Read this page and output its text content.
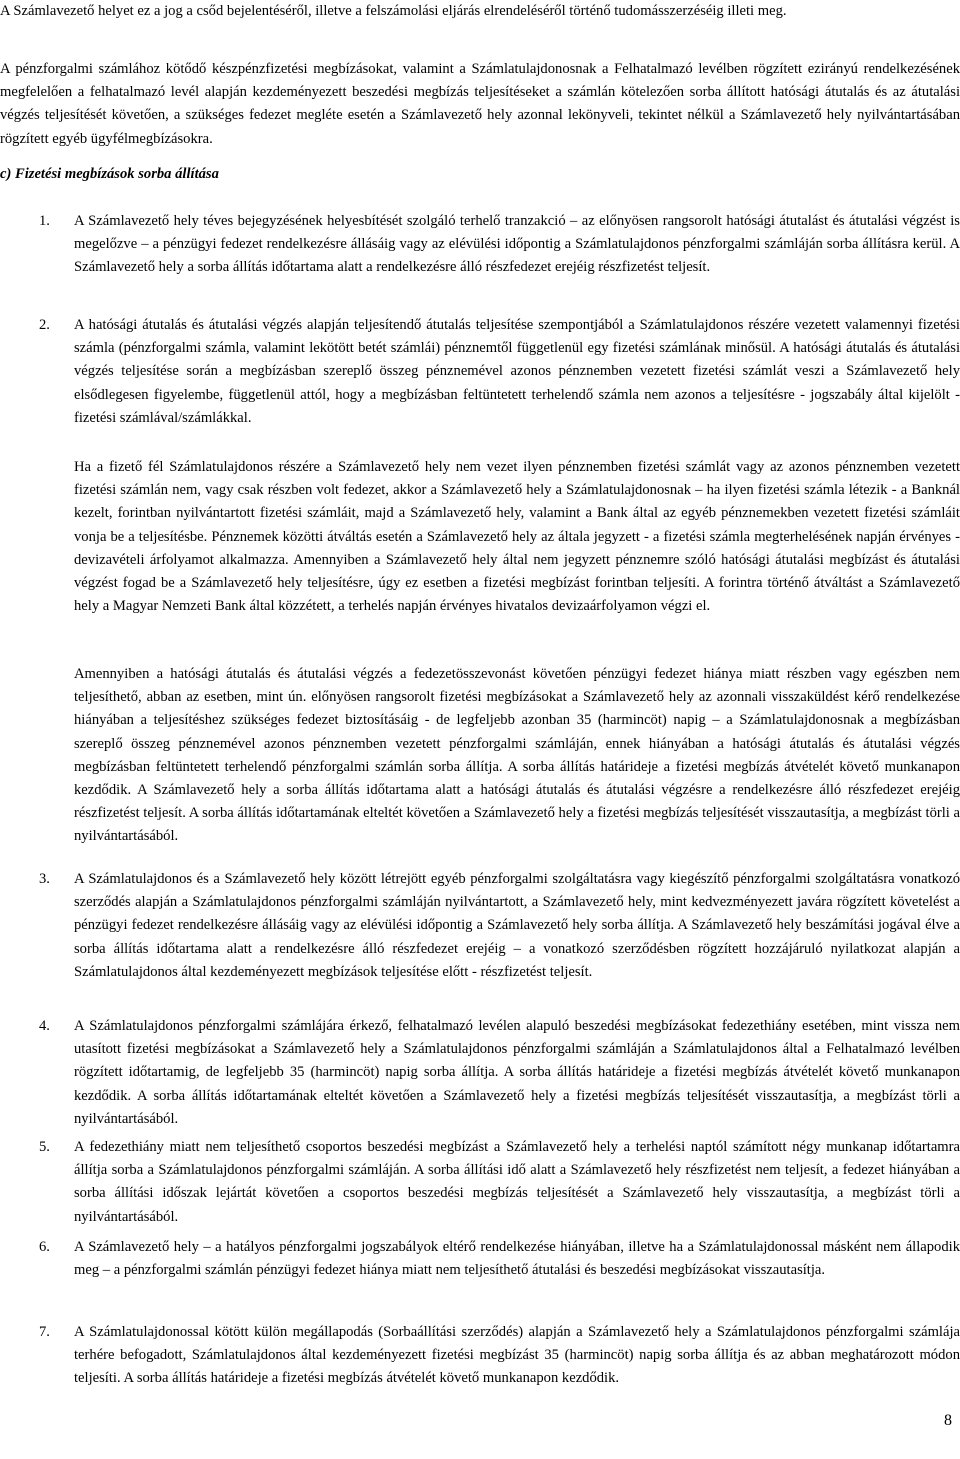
A Számlavezető helyet ez a jog a csőd bejelentéséről, illetve a felszámolási eljárás elrendeléséről történő tudomásszerzéséig illeti meg.

A pénzforgalmi számlához kötődő készpénzfizetési megbízásokat, valamint a Számlatulajdonosnak a Felhatalmazó levélben rögzített ezirányú rendelkezésének megfelelően a felhatalmazó levél alapján kezdeményezett beszedési megbízás teljesítéseket a számlán kötelezően sorba állított hatósági átutalás és az átutalási végzés teljesítését követően, a szükséges fedezet megléte esetén a Számlavezető hely azonnal lekönyveli, tekintet nélkül a Számlavezető hely nyilvántartásában rögzített egyéb ügyfélmegbízásokra.

c) Fizetési megbízások sorba állítása

1.	A Számlavezető hely téves bejegyzésének helyesbítését szolgáló terhelő tranzakció – az előnyösen rangsorolt hatósági átutalást és átutalási végzést is megelőzve – a pénzügyi fedezet rendelkezésre állásáig vagy az elévülési időpontig a Számlatulajdonos pénzforgalmi számláján sorba állításra kerül. A Számlavezető hely a sorba állítás időtartama alatt a rendelkezésre álló részfedezet erejéig részfizetést teljesít.

2.	A hatósági átutalás és átutalási végzés alapján teljesítendő átutalás teljesítése szempontjából a Számlatulajdonos részére vezetett valamennyi fizetési számla (pénzforgalmi számla, valamint lekötött betét számlái) pénznemtől függetlenül egy fizetési számlának minősül. A hatósági átutalás és átutalási végzés teljesítése során a megbízásban szereplő összeg pénznemével azonos pénznemben vezetett fizetési számlát veszi a Számlavezető hely elsődlegesen figyelembe, függetlenül attól, hogy a megbízásban feltüntetett terhelendő számla nem azonos a teljesítésre - jogszabály által kijelölt - fizetési számlával/számlákkal.

Ha a fizető fél Számlatulajdonos részére a Számlavezető hely nem vezet ilyen pénznemben fizetési számlát vagy az azonos pénznemben vezetett fizetési számlán nem, vagy csak részben volt fedezet, akkor a Számlavezető hely a Számlatulajdonosnak – ha ilyen fizetési számla létezik - a Banknál kezelt, forintban nyilvántartott fizetési számláit, majd a Számlavezető hely, valamint a Bank által az egyéb pénznemekben vezetett fizetési számláit vonja be a teljesítésbe. Pénznemek közötti átváltás esetén a Számlavezető hely az általa jegyzett - a fizetési számla megterhelésének napján érvényes - devizavételi árfolyamot alkalmazza. Amennyiben a Számlavezető hely által nem jegyzett pénznemre szóló hatósági átutalási megbízást és átutalási végzést fogad be a Számlavezető hely teljesítésre, úgy ez esetben a fizetési megbízást forintban teljesíti. A forintra történő átváltást a Számlavezető hely a Magyar Nemzeti Bank által közzétett, a terhelés napján érvényes hivatalos devizaárfolyamon végzi el.

Amennyiben a hatósági átutalás és átutalási végzés a fedezetösszevonást követően pénzügyi fedezet hiánya miatt részben vagy egészben nem teljesíthető, abban az esetben, mint ún. előnyösen rangsorolt fizetési megbízásokat a Számlavezető hely az azonnali visszaküldést kérő rendelkezése hiányában a teljesítéshez szükséges fedezet biztosításáig - de legfeljebb azonban 35 (harmincöt) napig – a Számlatulajdonosnak a megbízásban szereplő összeg pénznemével azonos pénznemben vezetett pénzforgalmi számláján, ennek hiányában a hatósági átutalás és átutalási végzés megbízásban feltüntetett terhelendő pénzforgalmi számlán sorba állítja. A sorba állítás határideje a fizetési megbízás átvételét követő munkanapon kezdődik. A Számlavezető hely a sorba állítás időtartama alatt a hatósági átutalás és átutalási végzésre a rendelkezésre álló részfedezet erejéig részfizetést teljesít. A sorba állítás időtartamának elteltét követően a Számlavezető hely a fizetési megbízás teljesítését visszautasítja, a megbízást törli a nyilvántartásából.

3.	A Számlatulajdonos és a Számlavezető hely között létrejött egyéb pénzforgalmi szolgáltatásra vagy kiegészítő pénzforgalmi szolgáltatásra vonatkozó szerződés alapján a Számlatulajdonos pénzforgalmi számláján nyilvántartott, a Számlavezető hely, mint kedvezményezett javára rögzített követelést a pénzügyi fedezet rendelkezésre állásáig vagy az elévülési időpontig a Számlavezető hely sorba állítja. A Számlavezető hely beszámítási jogával élve a sorba állítás időtartama alatt a rendelkezésre álló részfedezet erejéig – a vonatkozó szerződésben rögzített hozzájáruló nyilatkozat alapján a Számlatulajdonos által kezdeményezett megbízások teljesítése előtt - részfizetést teljesít.

4.	A Számlatulajdonos pénzforgalmi számlájára érkező, felhatalmazó levélen alapuló beszedési megbízásokat fedezethiány esetében, mint vissza nem utasított fizetési megbízásokat a Számlavezető hely a Számlatulajdonos pénzforgalmi számláján a Számlatulajdonos által a Felhatalmazó levélben rögzített időtartamig, de legfeljebb 35 (harmincöt) napig sorba állítja. A sorba állítás határideje a fizetési megbízás átvételét követő munkanapon kezdődik. A sorba állítás időtartamának elteltét követően a Számlavezető hely a fizetési megbízás teljesítését visszautasítja, a megbízást törli a nyilvántartásából.

5.	A fedezethiány miatt nem teljesíthető csoportos beszedési megbízást a Számlavezető hely a terhelési naptól számított négy munkanap időtartamra állítja sorba a Számlatulajdonos pénzforgalmi számláján. A sorba állítási idő alatt a Számlavezető hely részfizetést nem teljesít, a fedezet hiányában a sorba állítási időszak lejártát követően a csoportos beszedési megbízás teljesítését a Számlavezető hely visszautasítja, a megbízást törli a nyilvántartásából.

6.	A Számlavezető hely – a hatályos pénzforgalmi jogszabályok eltérő rendelkezése hiányában, illetve ha a Számlatulajdonossal másként nem állapodik meg – a pénzforgalmi számlán pénzügyi fedezet hiánya miatt nem teljesíthető átutalási és beszedési megbízásokat visszautasítja.

7.	A Számlatulajdonossal kötött külön megállapodás (Sorbaállítási szerződés) alapján a Számlavezető hely a Számlatulajdonos pénzforgalmi számlája terhére befogadott, Számlatulajdonos által kezdeményezett fizetési megbízást 35 (harmincöt) napig sorba állítja és az abban meghatározott módon teljesíti. A sorba állítás határideje a fizetési megbízás átvételét követő munkanapon kezdődik.

8
